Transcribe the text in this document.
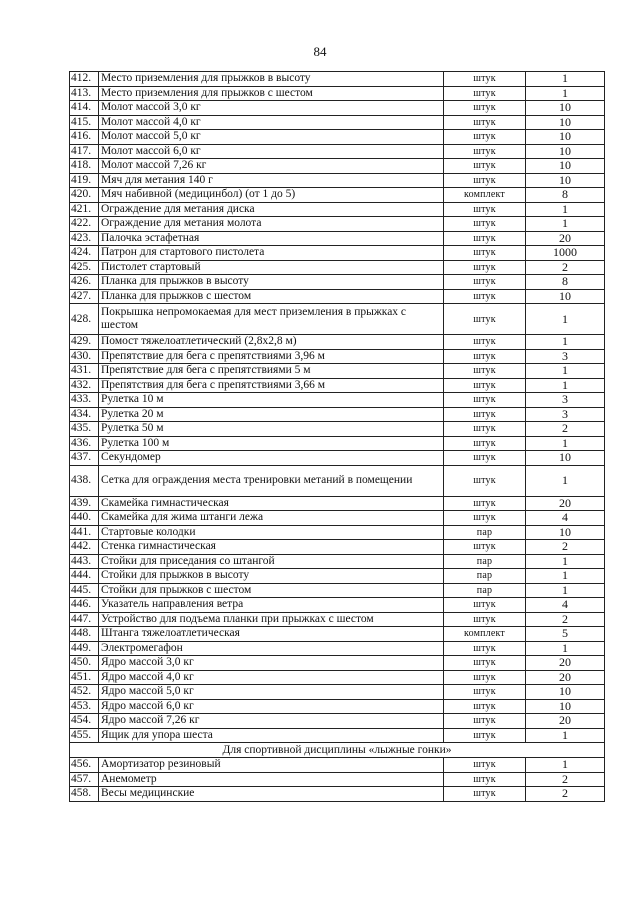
84
412.	Место приземления для прыжков в высоту	штук	1
413.	Место приземления для прыжков с шестом	штук	1
414.	Молот массой 3,0 кг	штук	10
415.	Молот массой 4,0 кг	штук	10
416.	Молот массой 5,0 кг	штук	10
417.	Молот массой 6,0 кг	штук	10
418.	Молот массой 7,26 кг	штук	10
419.	Мяч для метания 140 г	штук	10
420.	Мяч набивной (медицинбол) (от 1 до 5)	комплект	8
421.	Ограждение для метания диска	штук	1
422.	Ограждение для метания молота	штук	1
423.	Палочка эстафетная	штук	20
424.	Патрон для стартового пистолета	штук	1000
425.	Пистолет стартовый	штук	2
426.	Планка для прыжков в высоту	штук	8
427.	Планка для прыжков с шестом	штук	10
428.	Покрышка непромокаемая для мест приземления в прыжках с шестом	штук	1
429.	Помост тяжелоатлетический (2,8х2,8 м)	штук	1
430.	Препятствие для бега с препятствиями 3,96 м	штук	3
431.	Препятствие для бега с препятствиями 5 м	штук	1
432.	Препятствия для бега с препятствиями 3,66 м	штук	1
433.	Рулетка 10 м	штук	3
434.	Рулетка 20 м	штук	3
435.	Рулетка 50 м	штук	2
436.	Рулетка 100 м	штук	1
437.	Секундомер	штук	10
438.	Сетка для ограждения места тренировки метаний в помещении	штук	1
439.	Скамейка гимнастическая	штук	20
440.	Скамейка для жима штанги лежа	штук	4
441.	Стартовые колодки	пар	10
442.	Стенка гимнастическая	штук	2
443.	Стойки для приседания со штангой	пар	1
444.	Стойки для прыжков в высоту	пар	1
445.	Стойки для прыжков с шестом	пар	1
446.	Указатель направления ветра	штук	4
447.	Устройство для подъема планки при прыжках с шестом	штук	2
448.	Штанга тяжелоатлетическая	комплект	5
449.	Электромегафон	штук	1
450.	Ядро массой 3,0 кг	штук	20
451.	Ядро массой 4,0 кг	штук	20
452.	Ядро массой 5,0 кг	штук	10
453.	Ядро массой 6,0 кг	штук	10
454.	Ядро массой 7,26 кг	штук	20
455.	Ящик для упора шеста	штук	1
Для спортивной дисциплины «лыжные гонки»			
456.	Амортизатор резиновый	штук	1
457.	Анемометр	штук	2
458.	Весы медицинские	штук	2
